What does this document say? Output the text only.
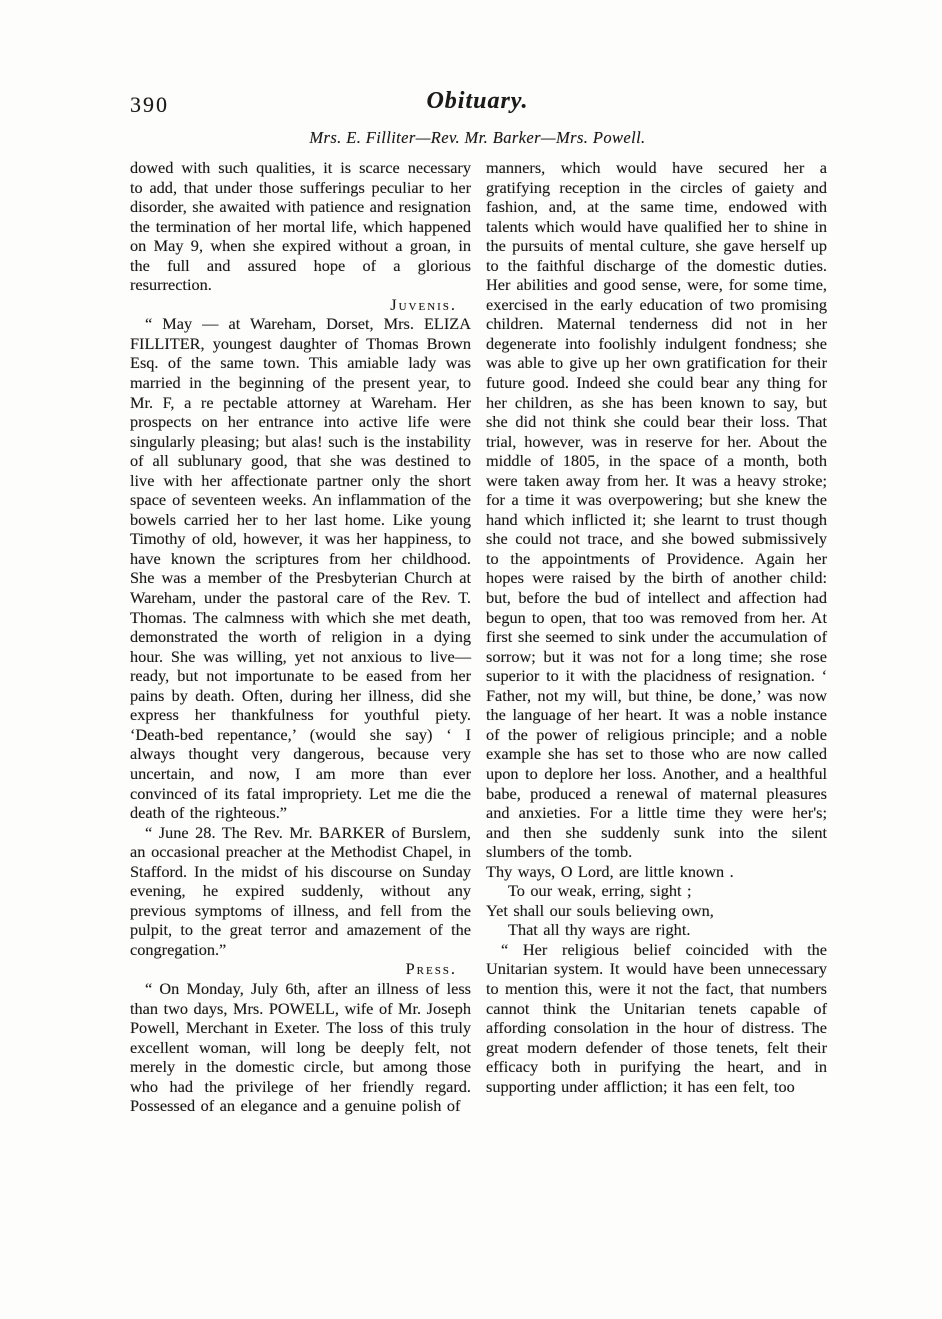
390	Obituary.
Mrs. E. Filliter—Rev. Mr. Barker—Mrs. Powell.

dowed with such qualities, it is scarce necessary to add, that under those sufferings peculiar to her disorder, she awaited with patience and resignation the termination of her mortal life, which happened on May 9, when she expired without a groan, in the full and assured hope of a glorious resurrection.

Juvenis.

“ May — at Wareham, Dorset, Mrs. ELIZA FILLITER, youngest daughter of Thomas Brown Esq. of the same town. This amiable lady was married in the beginning of the present year, to Mr. F, a re pectable attorney at Wareham. Her prospects on her entrance into active life were singularly pleasing; but alas! such is the instability of all sublunary good, that she was destined to live with her affectionate partner only the short space of seventeen weeks. An inflammation of the bowels carried her to her last home. Like young Timothy of old, however, it was her happiness, to have known the scriptures from her childhood. She was a member of the Presbyterian Church at Wareham, under the pastoral care of the Rev. T. Thomas. The calmness with which she met death, demonstrated the worth of religion in a dying hour. She was willing, yet not anxious to live—ready, but not importunate to be eased from her pains by death. Often, during her illness, did she express her thankfulness for youthful piety. ‘Death-bed repentance,’ (would she say) ‘ I always thought very dangerous, because very uncertain, and now, I am more than ever convinced of its fatal impropriety. Let me die the death of the righteous.”

“ June 28. The Rev. Mr. BARKER of Burslem, an occasional preacher at the Methodist Chapel, in Stafford. In the midst of his discourse on Sunday evening, he expired suddenly, without any previous symptoms of illness, and fell from the pulpit, to the great terror and amazement of the congregation.”

Press.

“ On Monday, July 6th, after an illness of less than two days, Mrs. POWELL, wife of Mr. Joseph Powell, Merchant in Exeter. The loss of this truly excellent woman, will long be deeply felt, not merely in the domestic circle, but among those who had the privilege of her friendly regard. Possessed of an elegance and a genuine polish of

manners, which would have secured her a gratifying reception in the circles of gaiety and fashion, and, at the same time, endowed with talents which would have qualified her to shine in the pursuits of mental culture, she gave herself up to the faithful discharge of the domestic duties. Her abilities and good sense, were, for some time, exercised in the early education of two promising children. Maternal tenderness did not in her degenerate into foolishly indulgent fondness; she was able to give up her own gratification for their future good. Indeed she could bear any thing for her children, as she has been known to say, but she did not think she could bear their loss. That trial, however, was in reserve for her. About the middle of 1805, in the space of a month, both were taken away from her. It was a heavy stroke; for a time it was overpowering; but she knew the hand which inflicted it; she learnt to trust though she could not trace, and she bowed submissively to the appointments of Providence. Again her hopes were raised by the birth of another child: but, before the bud of intellect and affection had begun to open, that too was removed from her. At first she seemed to sink under the accumulation of sorrow; but it was not for a long time; she rose superior to it with the placidness of resignation. ‘ Father, not my will, but thine, be done,’ was now the language of her heart. It was a noble instance of the power of religious principle; and a noble example she has set to those who are now called upon to deplore her loss. Another, and a healthful babe, produced a renewal of maternal pleasures and anxieties. For a little time they were her's; and then she suddenly sunk into the silent slumbers of the tomb.

Thy ways, O Lord, are little known .
To our weak, erring, sight ;
Yet shall our souls believing own,
That all thy ways are right.

“ Her religious belief coincided with the Unitarian system. It would have been unnecessary to mention this, were it not the fact, that numbers cannot think the Unitarian tenets capable of affording consolation in the hour of distress. The great modern defender of those tenets, felt their efficacy both in purifying the heart, and in supporting under affliction; it has een felt, too
